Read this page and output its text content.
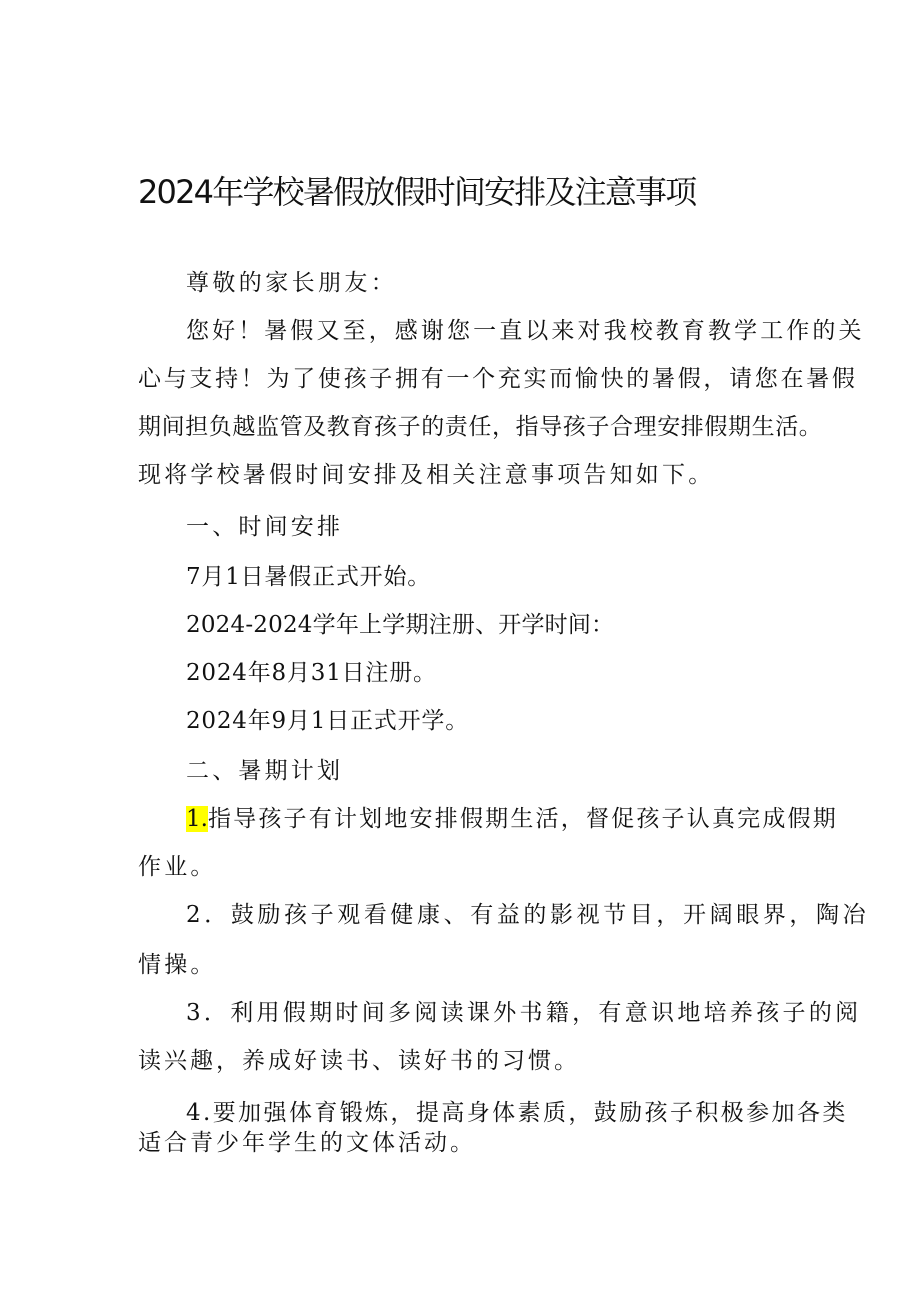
2024年学校暑假放假时间安排及注意事项

尊敬的家长朋友：

您好！暑假又至，感谢您一直以来对我校教育教学工作的关

心与支持！为了使孩子拥有一个充实而愉快的暑假，请您在暑假

期间担负越监管及教育孩子的责任，指导孩子合理安排假期生活。

现将学校暑假时间安排及相关注意事项告知如下。

一、时间安排

7月1日暑假正式开始。

2024-2024学年上学期注册、开学时间：

2024年8月31日注册。

2024年9月1日正式开学。

二、暑期计划

1.指导孩子有计划地安排假期生活，督促孩子认真完成假期

作业。

2．鼓励孩子观看健康、有益的影视节目，开阔眼界，陶冶

情操。

3．利用假期时间多阅读课外书籍，有意识地培养孩子的阅

读兴趣，养成好读书、读好书的习惯。

4.要加强体育锻炼，提高身体素质，鼓励孩子积极参加各类

适合青少年学生的文体活动。
